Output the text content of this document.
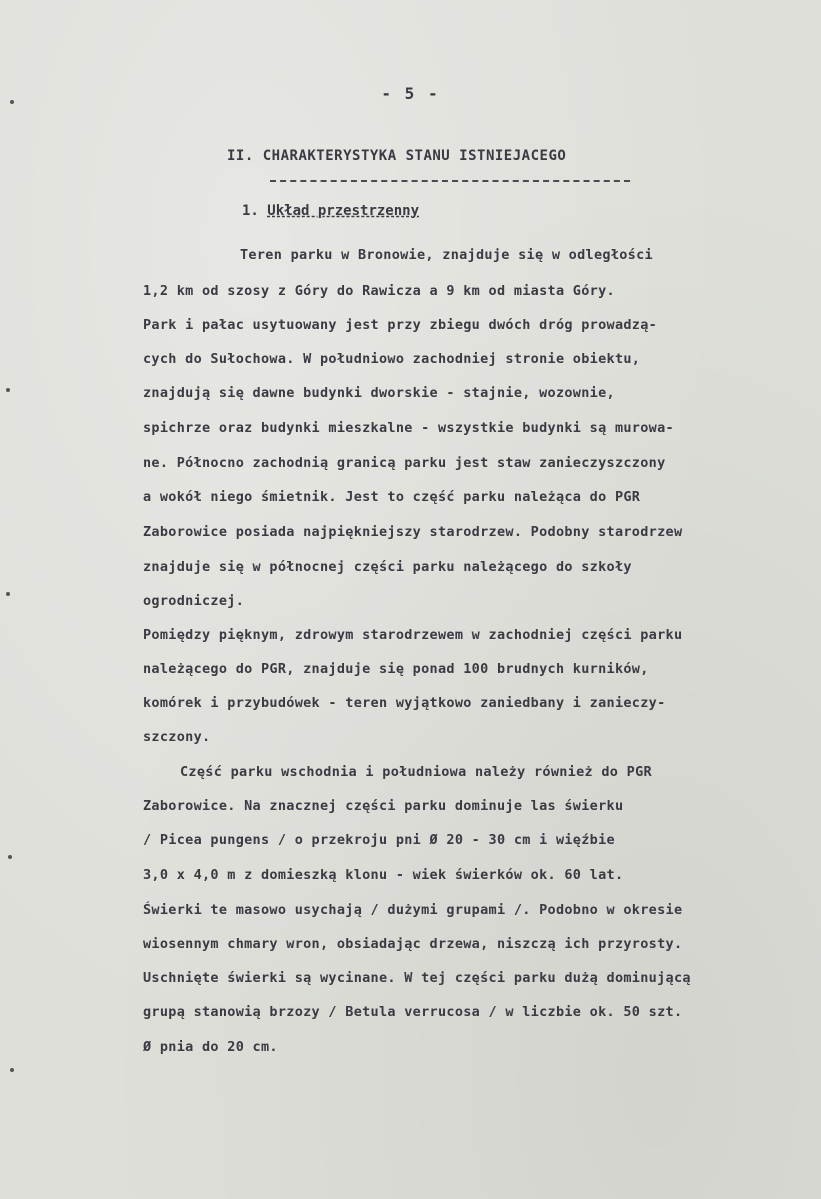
- 5 -
II. CHARAKTERYSTYKA STANU ISTNIEJACEGO
1. Układ przestrzenny
Teren parku w Bronowie, znajduje się w odległości
1,2 km od szosy z Góry do Rawicza a 9 km od miasta Góry.
Park i pałac usytuowany jest przy zbiegu dwóch dróg prowadzą-
cych do Sułochowa. W południowo zachodniej stronie obiektu,
znajdują się dawne budynki dworskie - stajnie, wozownie,
spichrze oraz budynki mieszkalne - wszystkie budynki są murowa-
ne. Północno zachodnią granicą parku jest staw zanieczyszczony
a wokół niego śmietnik. Jest to część parku należąca do PGR
Zaborowice posiada najpiękniejszy starodrzew. Podobny starodrzew
znajduje się w północnej części parku należącego do szkoły
ogrodniczej.
Pomiędzy pięknym, zdrowym starodrzewem w zachodniej części parku
należącego do PGR, znajduje się ponad 100 brudnych kurników,
komórek i przybudówek - teren wyjątkowo zaniedbany i zanieczy-
szczony.
Część parku wschodnia i południowa należy również do PGR
Zaborowice. Na znacznej części parku dominuje las świerku
/ Picea pungens / o przekroju pni Ø 20 - 30 cm i więźbie
3,0 x 4,0 m z domieszką klonu - wiek świerków ok. 60 lat.
Świerki te masowo usychają / dużymi grupami /. Podobno w okresie
wiosennym chmary wron, obsiadając drzewa, niszczą ich przyrosty.
Uschnięte świerki są wycinane. W tej części parku dużą dominującą
grupą stanowią brzozy / Betula verrucosa / w liczbie ok. 50 szt.
Ø pnia do 20 cm.
